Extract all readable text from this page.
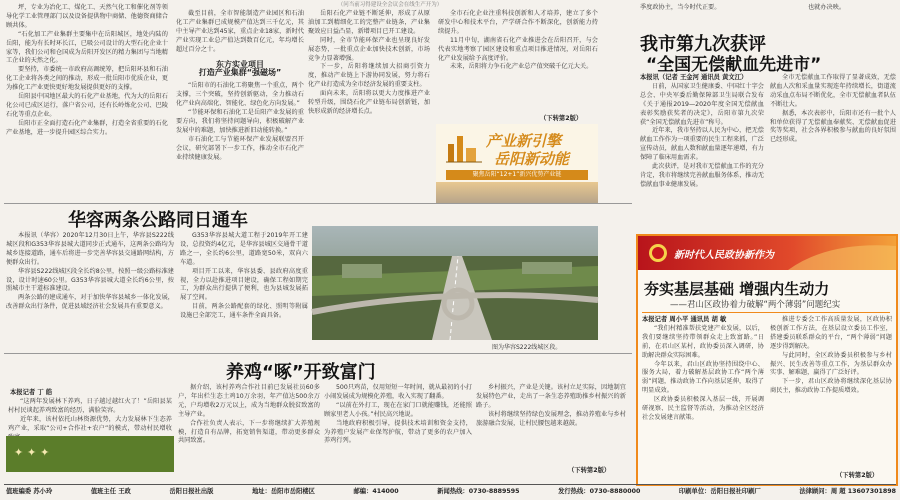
（问当前习得建设全会议会在线生产开为）

坪，专业为冶化工、煤化工、天然气化工和催化剂等领导化学工业管理部门以及设备提供物中商储、他德资商储合顾共体。

“石化加工产业集群主要集中在岳阳城区，地处内陆的岳阳，能为有长时环长江，已吸公司设计的大型石化企业十家等，我们公司和仓国成为岳阳开发区的精力集团与当地精工企业的天然之化。

要坚持，市委统一市政府高调统筹，把岳阳环县和石油化工企业将各类之间的推动，形成一批岳阳市优质企业，更为推化工产业更快更好地发展提供更好的支撑。

岳阳县中国地区最大的石化产业基地，代为大的岳阳石化公司已成区运行，落户省公司，还有长岭炼化公司、巴陵石化等重点企业。

岳阳市正全面打造石化产业集群，打造全省重要的石化产业基地，进一步提升园区综合实力。

截至目前，全市智能制造产业园区和石油化工产业集群已成规模产值达到三千亿元，其中主导产业达到45家，重点企业18家，新时代产业实现工业总产值达到数百亿元，年均增长超过百分之十。

东方实业项目
打造产业集群“强磁场”

“岳阳市的石油化工将聚焦一个重点，两个支撑，三个突破，坚持创新驱动，全力推动石化产业向高端化、智能化、绿色化方向发展。”

“节能环保和石油化工是岳阳产业发展的重要方向，我们将坚持问题导向，积极破解产业发展中的难题，加快推进新旧动能转换。”

市石油化工与节能环保产业发展联盟召开会议，研究部署下一步工作，推动全市石化产业持续健康发展。

岳阳石化产业链不断延伸，形成了从原油加工到精细化工的完整产业链条，产业集聚效应日益凸显，新增项目已开工建设。

同时，全市节能环保产业也呈现良好发展态势，一批重点企业加快技术创新，市场竞争力显著增强。

下一步，岳阳将继续加大招商引资力度，推动产业链上下游协同发展，努力将石化产业打造成为全市经济发展的重要支柱。

面向未来，岳阳将以更大力度推进产业转型升级，围绕石化产业链布局创新链，加快形成新的经济增长点。

全市石化企业注重科技创新和人才培养，建立了多个研发中心和技术平台，产学研合作不断深化，创新能力持续提升。

11月中旬，湖南省石化产业推进会在岳阳召开，与会代表实地考察了园区建设和重点项目推进情况，对岳阳石化产业发展给予高度评价。

未来，岳阳将力争石化产业总产值突破千亿元大关。

（下转第2版）
产业新引擎
岳阳新动能
聚焦岳阳“12+1”新兴优势产业链
季度政协主，当今时代正要。	也就办决映。
我市第九次获评
“全国无偿献血先进市”
本报讯（记者 王金河 通讯员 黄文江）

日前，从国家卫生健康委、中国红十字会总会、中央军委后勤保障部卫生局联合发布《关于通报2019—2020年度全国无偿献血表彰奖励获奖者的决定》，岳阳市第九次荣获“全国无偿献血先进市”称号。

近年来，我市坚持以人民为中心，把无偿献血工作作为一项重要的民生工程来抓，广泛宣传动员，献血人数和献血量逐年递增，有力保障了临床用血需求。

此次获评，是对我市无偿献血工作的充分肯定，我市将继续完善献血服务体系，推动无偿献血事业健康发展。

全市无偿献血工作取得了显著成效，无偿献血人次和采血量实现连年持续增长，街道流动采血点布局不断优化，全市无偿献血者队伍不断壮大。

据悉，本次表彰中，岳阳市还有一批个人和单位获得了无偿献血奉献奖、无偿献血促进奖等奖项，社会各界积极参与献血的良好氛围已经形成。

华容两条公路同日通车

本报讯（华容）2020年12月30日上午，华容县S222线城区段和G353华容县城大道同步正式通车，这两条公路均为城乡连接道路，通车后将进一步完善华容县交通路网结构，方便群众出行。

华容县S222线城区段全长约8公里，按照一级公路标准建设，设计时速60公里。G353华容县城大道全长约6公里，按照城市主干道标准建设。

两条公路的建成通车，对于加快华容县城乡一体化发展，改善群众出行条件，促进县域经济社会发展具有重要意义。

G353华容县城大道工程于2019年开工建设，总投资约4亿元，是华容县城区交通骨干道路之一，全长约6公里，道路宽50米，双向六车道。

项目开工以来，华容县委、县政府高度重视，全力以赴推进项目建设，确保工程如期完工，为群众出行提供了便利，也为县城发展拓展了空间。

目前，两条公路配套的绿化、照明等附属设施已全部完工，通车条件全面具备。

图为华容S222线城区段。
养鸡“啄”开致富门
本报记者 丁 皓

“这两年发展林下养鸡，日子越过越红火了！”岳阳县某村村民谈起养鸡致富的经历，满脸笑容。

近年来，该村依托山林资源优势，大力发展林下生态养鸡产业，采取“公司+合作社+农户”的模式，带动村民增收

✦ ✦ ✦

据介绍，该村养鸡合作社目前已发展社员60多户，年出栏生态土鸡10万余羽，年产值达500余万元，户均增收2万元以上，成为当地群众脱贫致富的主导产业。

合作社负责人表示，下一步将继续扩大养殖规模，打造自有品牌，拓宽销售渠道，带动更多群众共同致富。

500只鸡苗，仅用短短一年时间，就从最初的小打小闹发展成为规模化养殖，收入实现了翻番。

“以前在外打工，现在在家门口就能赚钱，还能照顾家里老人小孩。”村民高兴地说。

当地政府积极引导，提供技术培训和资金支持，为养殖户发展产业保驾护航，带动了更多的农户加入养鸡行列。

乡村振兴，产业是关键。该村立足实际，因地制宜发展特色产业，走出了一条生态养殖助推乡村振兴的新路子。

该村将继续坚持绿色发展理念，推动养殖业与乡村旅游融合发展，让村民腰包越来越鼓。

（下转第2版）
新时代人民政协新作为
夯实基层基础 增强内生动力
——君山区政协着力破解“两个薄弱”问题纪实
本报记者 周小平 通讯员 胡 敏

“我们村精准帮扶党建产业发展，以后，我们要继续坚持带领群众走上致富路。”日前，在君山区某村，政协委员深入调研，协助解决群众实际困难。

今年以来，君山区政协坚持围绕中心、服务大局，着力破解基层政协工作“两个薄弱”问题，推动政协工作向基层延伸，取得了明显成效。

区政协委员积极深入基层一线，开展调研视察、民主监督等活动，为推动全区经济社会发展建言献策。

推进专委会工作高质量发展，区政协积极创新工作方法，在基层设立委员工作室，搭建委员联系群众的平台，“两个薄弱”问题逐步得到解决。

与此同时，全区政协委员积极参与乡村振兴、民生改善等重点工作，为基层群众办实事、解难题，赢得了广泛好评。

下一步，君山区政协将继续深化基层协商民主，推动政协工作提质增效。

（下转第2版）
值班编委 苏小玲	值班主任 王政	岳阳日报社出版	地址：岳阳市岳阳楼区	邮编：414000	新闻热线：0730-8889595	发行热线：0730-8880000	印刷单位：岳阳日报社印刷厂	法律顾问：周 超 13607301898
